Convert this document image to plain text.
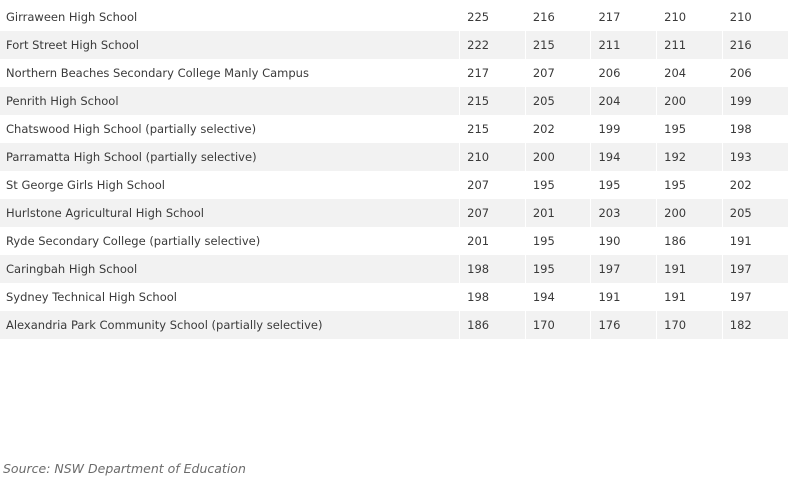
Girraween High School	225	216	217	210	210
Fort Street High School	222	215	211	211	216
Northern Beaches Secondary College Manly Campus	217	207	206	204	206
Penrith High School	215	205	204	200	199
Chatswood High School (partially selective)	215	202	199	195	198
Parramatta High School (partially selective)	210	200	194	192	193
St George Girls High School	207	195	195	195	202
Hurlstone Agricultural High School	207	201	203	200	205
Ryde Secondary College (partially selective)	201	195	190	186	191
Caringbah High School	198	195	197	191	197
Sydney Technical High School	198	194	191	191	197
Alexandria Park Community School (partially selective)	186	170	176	170	182
Source: NSW Department of Education
